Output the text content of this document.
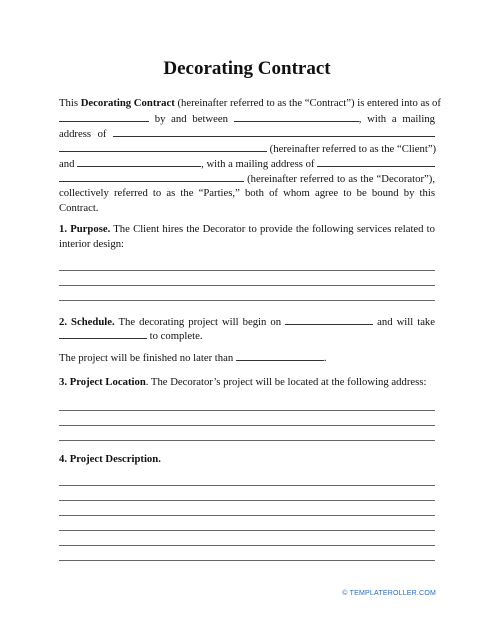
Decorating Contract
This Decorating Contract (hereinafter referred to as the “Contract”) is entered into as of
by and between	, with a mailing
address of
(hereinafter referred to as the “Client”)
and	, with a mailing address of
(hereinafter referred to as the “Decorator”),
collectively referred to as the “Parties,” both of whom agree to be bound by this
Contract.
1. Purpose. The Client hires the Decorator to provide the following services related to
interior design:
2. Schedule. The decorating project will begin on	and will take
to complete.
The project will be finished no later than	.
3. Project Location. The Decorator’s project will be located at the following address:
4. Project Description.
© TEMPLATEROLLER.COM
